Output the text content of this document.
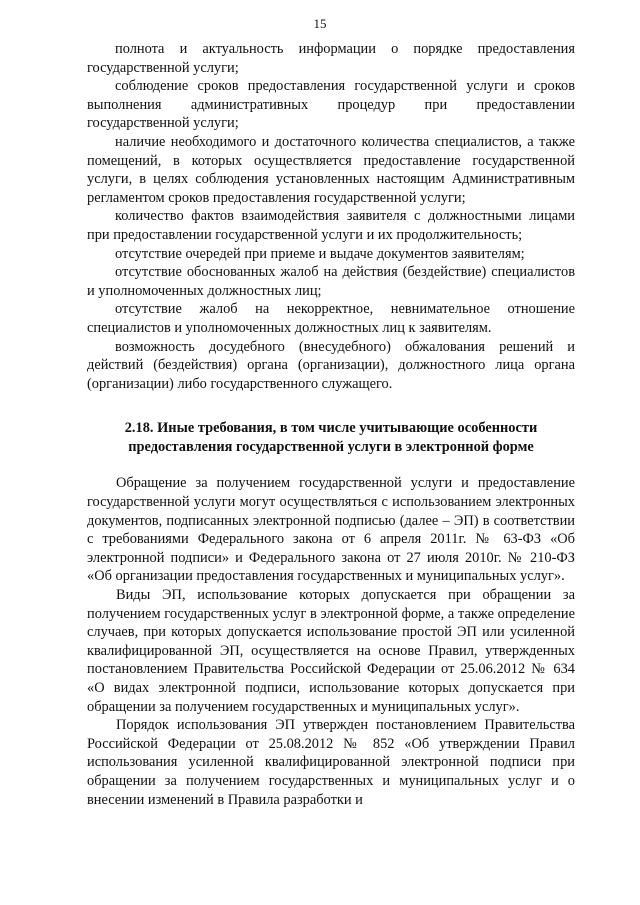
15

полнота и актуальность информации о порядке предоставления государственной услуги;

соблюдение сроков предоставления государственной услуги и сроков выполнения административных процедур при предоставлении государственной услуги;

наличие необходимого и достаточного количества специалистов, а также помещений, в которых осуществляется предоставление государственной услуги, в целях соблюдения установленных настоящим Административным регламентом сроков предоставления государственной услуги;

количество фактов взаимодействия заявителя с должностными лицами при предоставлении государственной услуги и их продолжительность;

отсутствие очередей при приеме и выдаче документов заявителям;

отсутствие обоснованных жалоб на действия (бездействие) специалистов и уполномоченных должностных лиц;

отсутствие жалоб на некорректное, невнимательное отношение специалистов и уполномоченных должностных лиц к заявителям.

возможность досудебного (внесудебного) обжалования решений и действий (бездействия) органа (организации), должностного лица органа (организации) либо государственного служащего.

2.18. Иные требования, в том числе учитывающие особенности предоставления государственной услуги в электронной форме

Обращение за получением государственной услуги и предоставление государственной услуги могут осуществляться с использованием электронных документов, подписанных электронной подписью (далее – ЭП) в соответствии с требованиями Федерального закона от 6 апреля 2011г. № 63-ФЗ «Об электронной подписи» и Федерального закона от 27 июля 2010г. № 210-ФЗ «Об организации предоставления государственных и муниципальных услуг».

Виды ЭП, использование которых допускается при обращении за получением государственных услуг в электронной форме, а также определение случаев, при которых допускается использование простой ЭП или усиленной квалифицированной ЭП, осуществляется на основе Правил, утвержденных постановлением Правительства Российской Федерации от 25.06.2012 № 634 «О видах электронной подписи, использование которых допускается при обращении за получением государственных и муниципальных услуг».

Порядок использования ЭП утвержден постановлением Правительства Российской Федерации от 25.08.2012 № 852 «Об утверждении Правил использования усиленной квалифицированной электронной подписи при обращении за получением государственных и муниципальных услуг и о внесении изменений в Правила разработки и
